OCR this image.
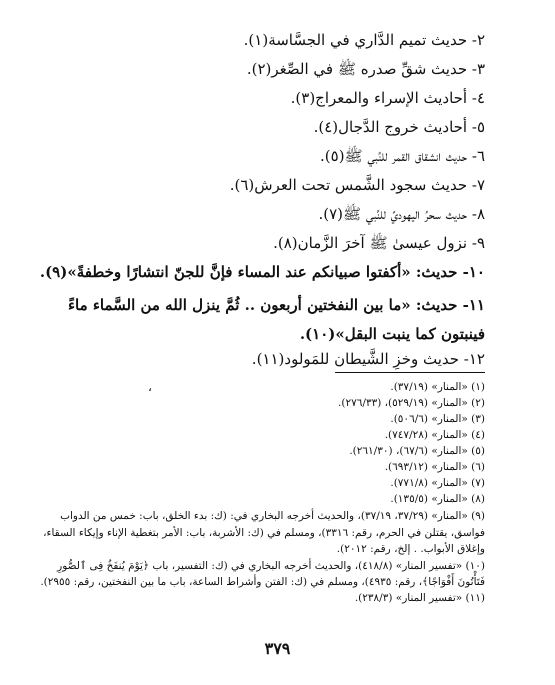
٢- حديث تميم الدَّاري في الجسَّاسة(١).
٣- حديث شقِّ صدره ﷺ في الصِّغر(٢).
٤- أحاديث الإسراء والمعراج(٣).
٥- أحاديث خروج الدَّجال(٤).
٦- حديث انشقاق القمر للنَّبي ﷺ(٥).
٧- حديث سجود الشَّمس تحت العرش(٦).
٨- حديث سحرُ اليهوديِّ للنَّبي ﷺ(٧).
٩- نزول عيسىٰ ﷺ آخرَ الزَّمان(٨).
١٠- حديث: «أكفتوا صبيانكم عند المساء فإنَّ للجنّ انتشارًا وخطفةً»(٩).
١١- حديث: «ما بين النفختين أربعون .. ثُمَّ ينزل الله من السَّماء ماءً فينبتون كما ينبت البقل»(١٠).
١٢- حديث وخزِ الشَّيطان للمَولود(١١).
،	(١) «المنار» (٣٧/١٩).
(٢) «المنار» (٥٢٩/١٩)، (٢٧٦/٣٣).
(٣) «المنار» (٥٠٦/٦).
(٤) «المنار» (٧٤٧/٢٨).
(٥) «المنار» (٦٧/٦)، (٢٦١/٣٠).
(٦) «المنار» (٦٩٣/١٢).
(٧) «المنار» (٧٧١/٨).
(٨) «المنار» (١٣٥/٥).
(٩) «المنار» (٣٧/٢٩، ٣٧/١٩)، والحديث أخرجه البخاري في: (ك: بدء الخلق، باب: خمس من الدواب فواسق، يقتلن في الحرم، رقم: ٣٣١٦)، ومسلم في (ك: الأشربة، باب: الأمر بتغطية الإناء وإيكاء السقاء، وإغلاق الأبواب. . إلخ، رقم: ٢٠١٢).
(١٠) «تفسير المنار» (٤١٨/٨)، والحديث أخرجه البخاري في (ك: التفسير، باب ﴿يَوْمَ يُنفَخُ فِى ٱلصُّورِ فَتَأْتُونَ أَفْوَاجًا﴾، رقم: ٤٩٣٥)، ومسلم في (ك: الفتن وأشراط الساعة، باب ما بين النفختين، رقم: ٢٩٥٥).
(١١) «تفسير المنار» (٢٣٨/٣).
٣٧٩
